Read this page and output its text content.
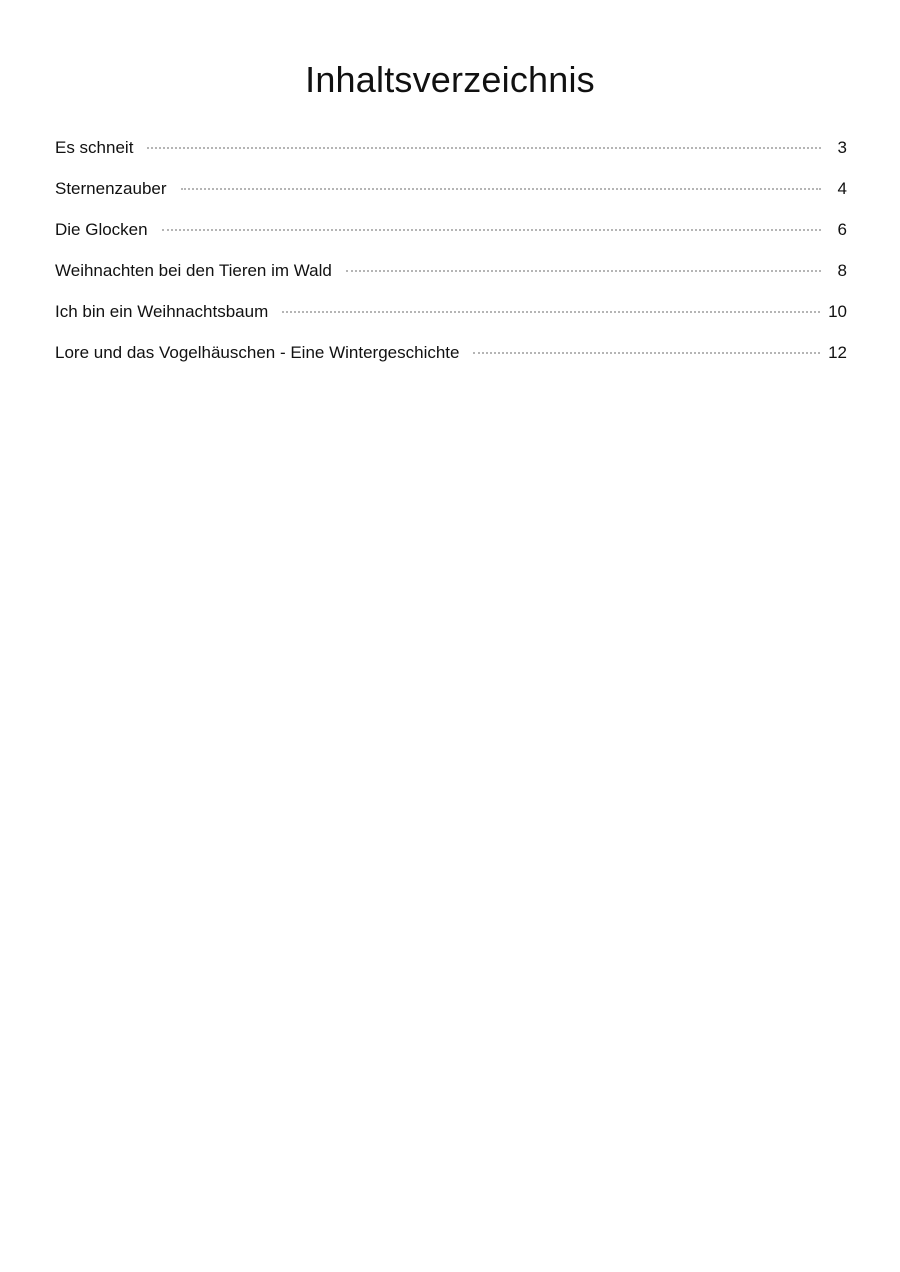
Inhaltsverzeichnis
Es schneit	3
Sternenzauber	4
Die Glocken	6
Weihnachten bei den Tieren im Wald	8
Ich bin ein Weihnachtsbaum	10
Lore und das Vogelhäuschen - Eine Wintergeschichte	12
